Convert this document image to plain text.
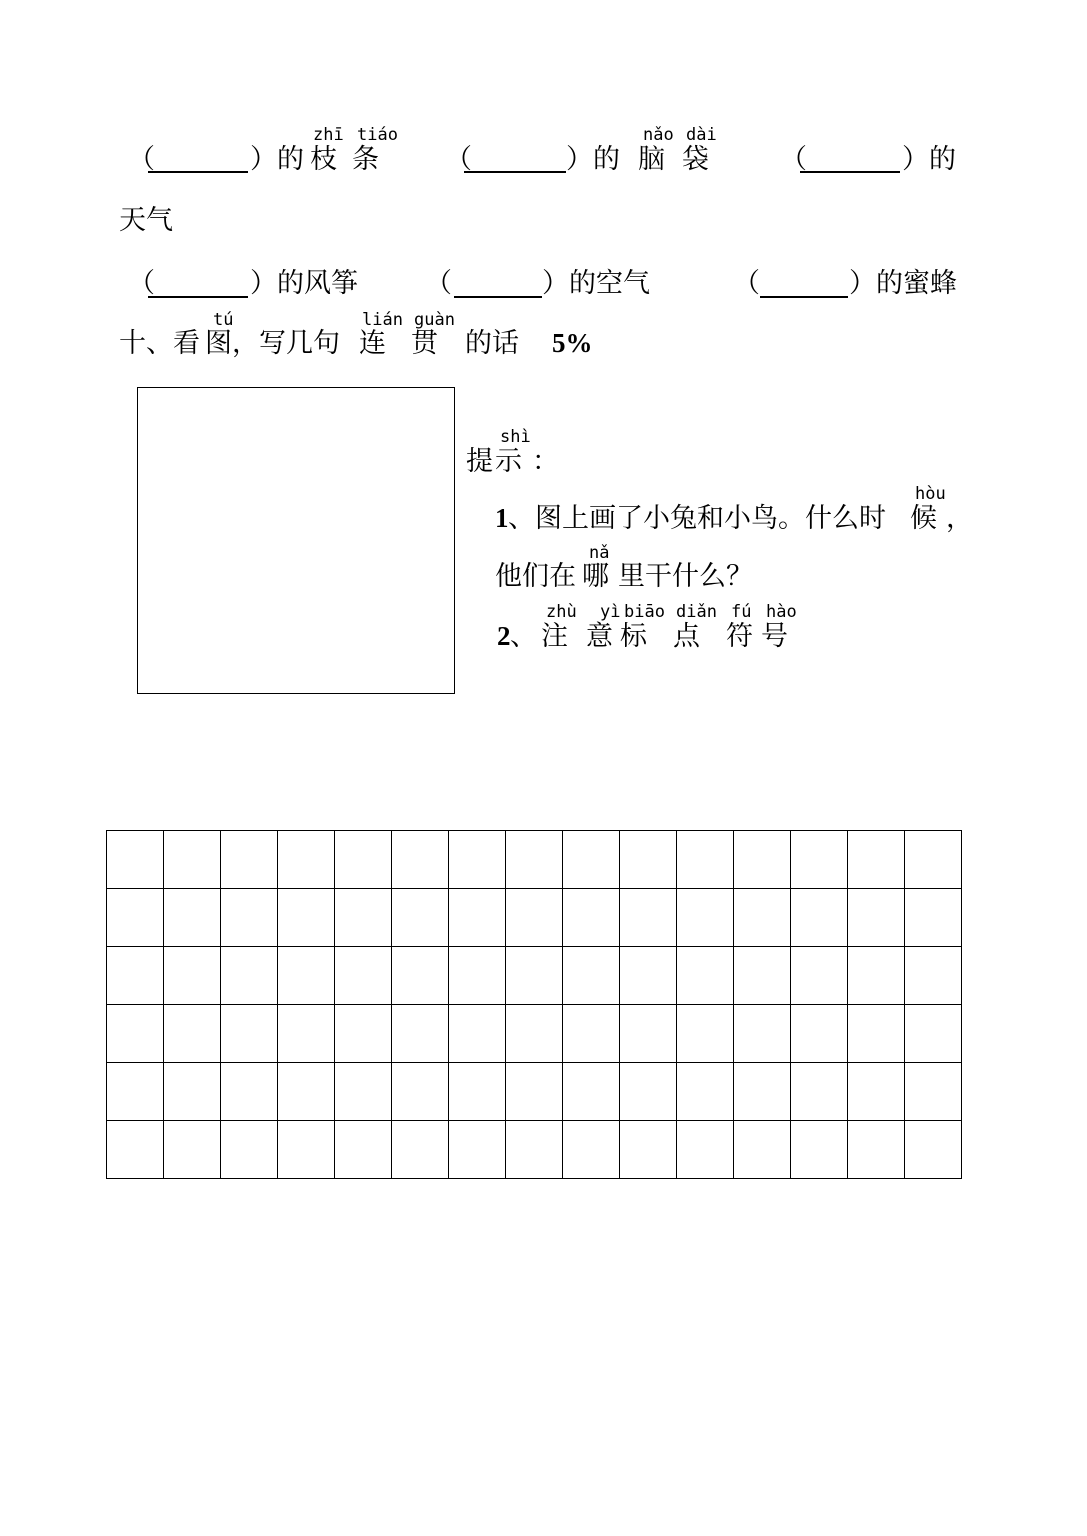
（	）的
zhī tiáo
枝 条 （	）的
nǎo dài
脑 袋	（	）的
天气
（	）的风筝 （	）的空气	（	）的蜜蜂
tú	lián guàn
十、看 图 ，写几句 连 贯 的话 5%
shì
提 示 ：
hòu
1 、图上画了小兔和小鸟。什么时 候 ，
nǎ
他们在 哪 里干什么？
zhù yì biāo diǎn fú hào
2 、 注 意 标 点 符 号
